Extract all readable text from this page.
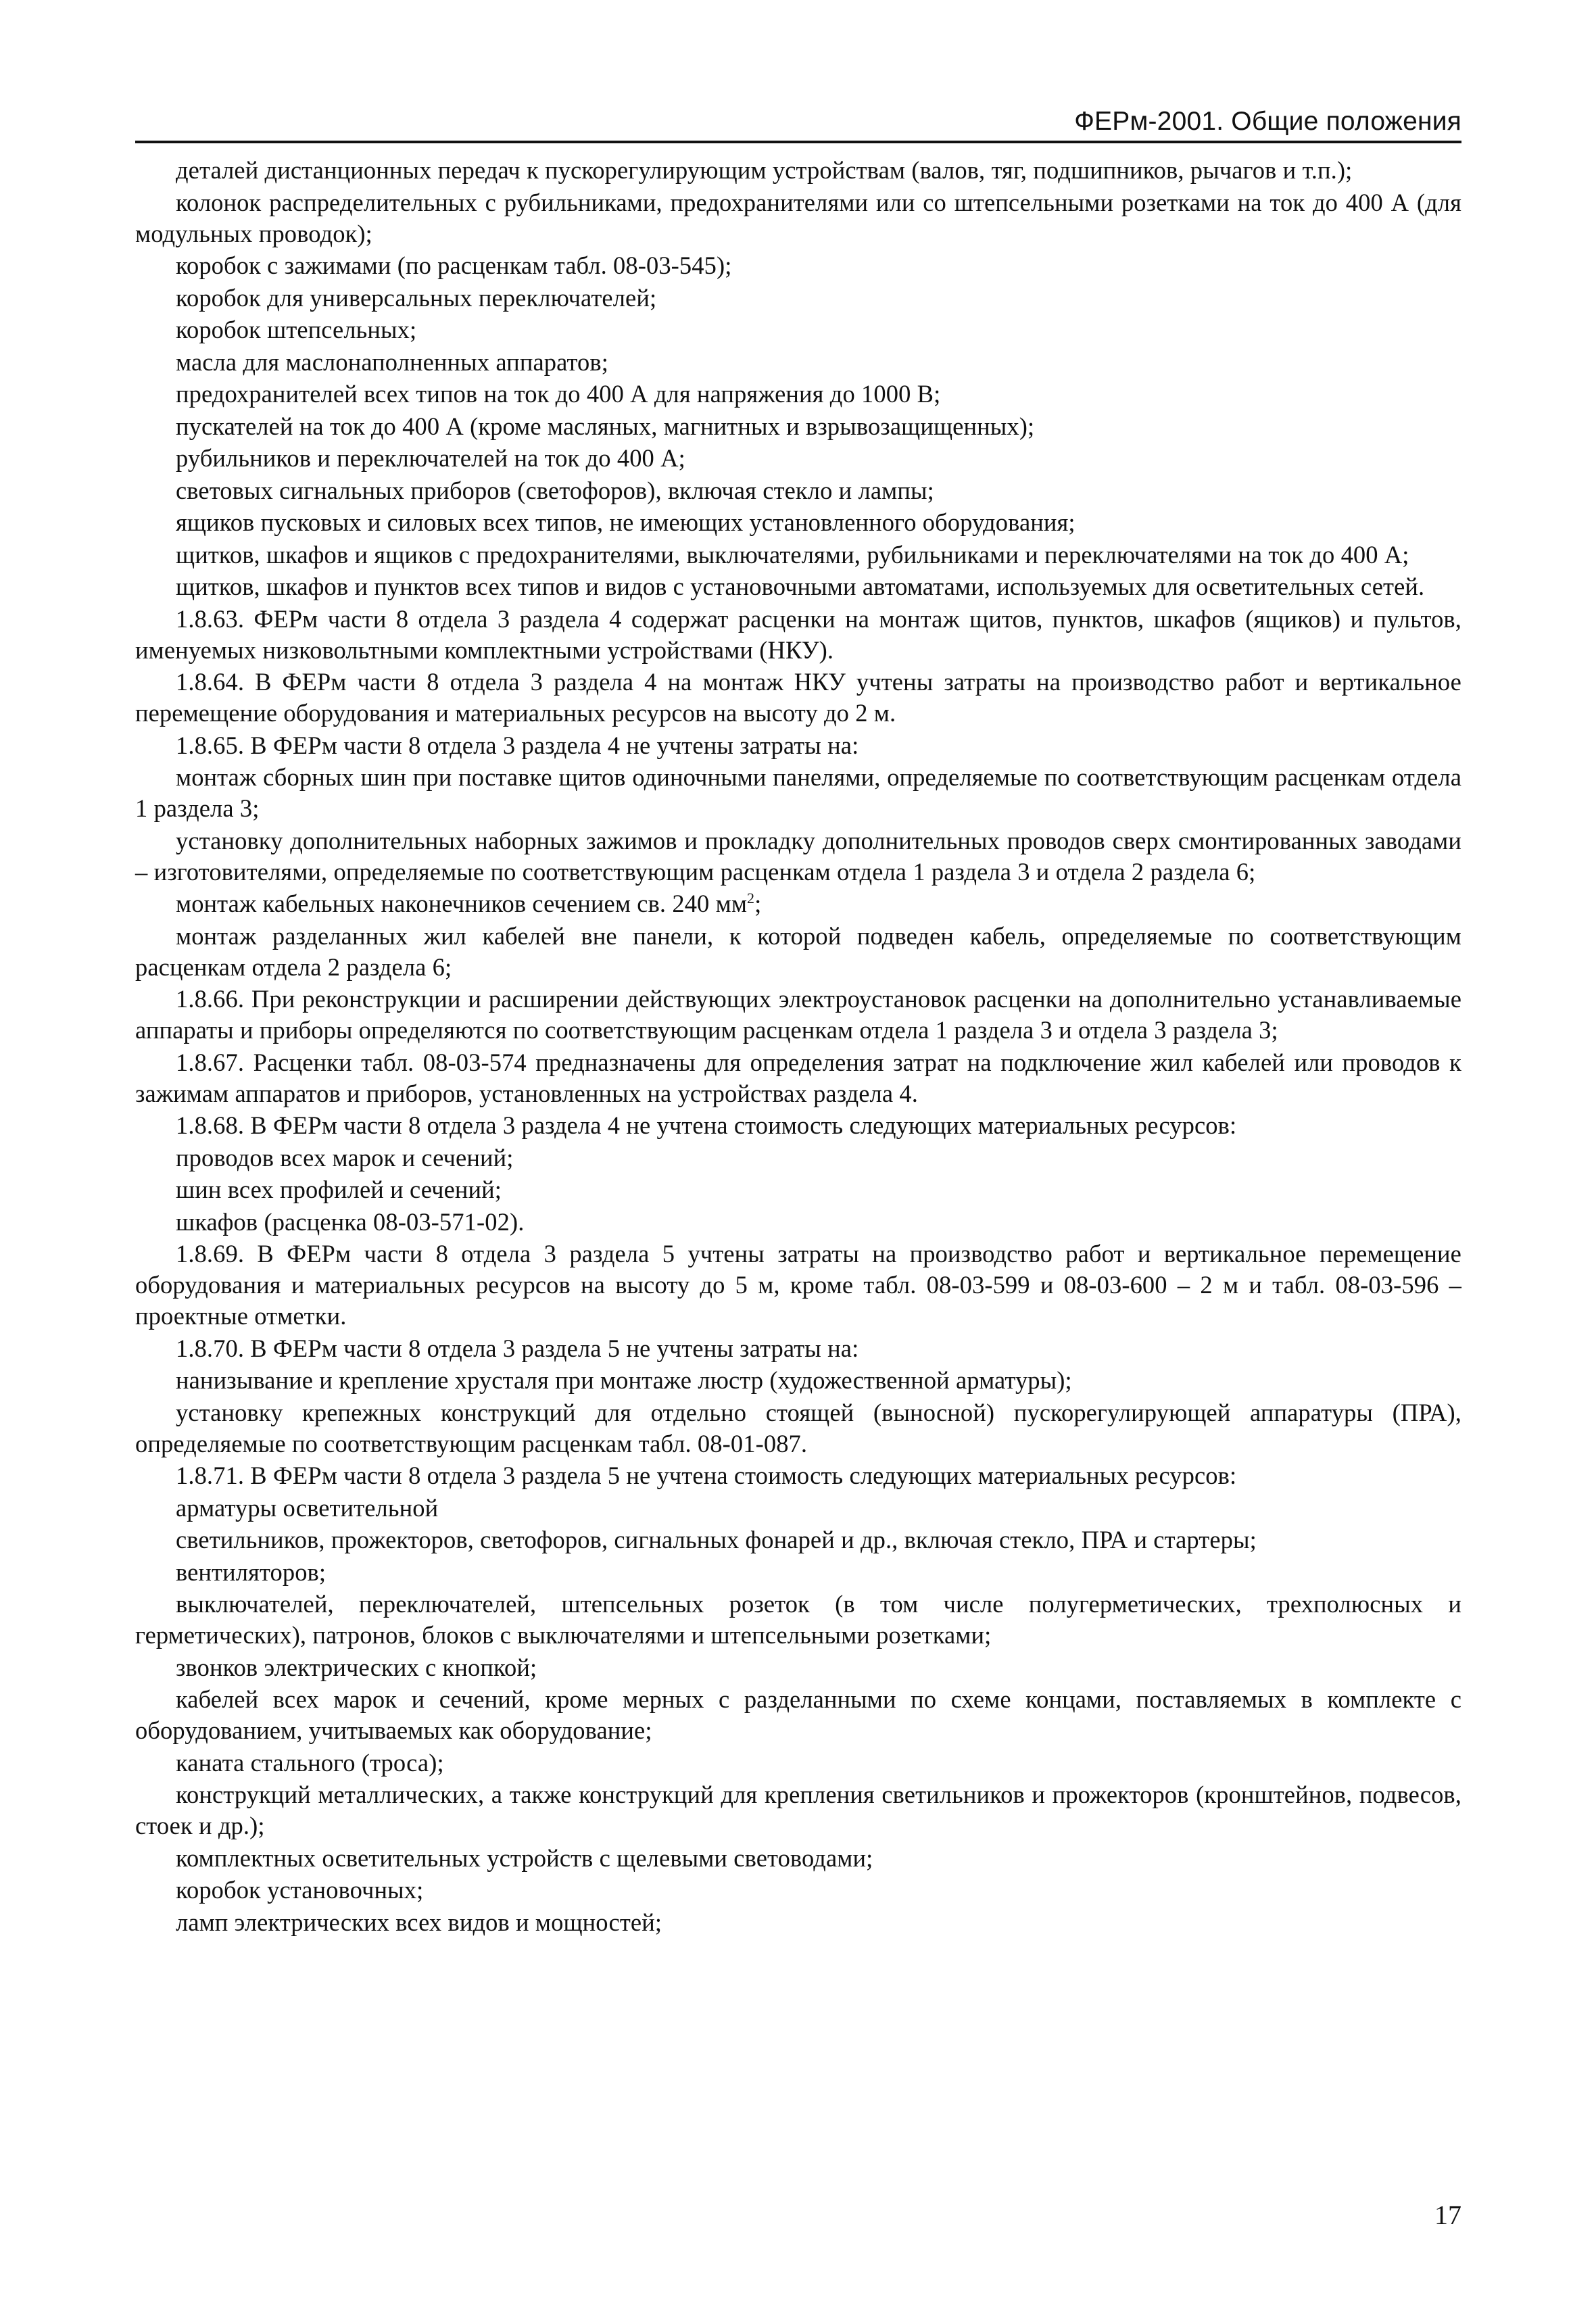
ФЕРм-2001. Общие положения

деталей дистанционных передач к пускорегулирующим устройствам (валов, тяг, подшипников, рычагов и т.п.);

колонок распределительных с рубильниками, предохранителями или со штепсельными розетками на ток до 400 А (для модульных проводок);

коробок с зажимами (по расценкам табл. 08-03-545);

коробок для универсальных переключателей;

коробок штепсельных;

масла для маслонаполненных аппаратов;

предохранителей всех типов на ток до 400 А для напряжения до 1000 В;

пускателей на ток до 400 А (кроме масляных, магнитных и взрывозащищенных);

рубильников и переключателей на ток до 400 А;

световых сигнальных приборов (светофоров), включая стекло и лампы;

ящиков пусковых и силовых всех типов, не имеющих установленного оборудования;

щитков, шкафов и ящиков с предохранителями, выключателями, рубильниками и переключателями на ток до 400 А;

щитков, шкафов и пунктов всех типов и видов с установочными автоматами, используемых для осветительных сетей.

1.8.63. ФЕРм части 8 отдела 3 раздела 4 содержат расценки на монтаж щитов, пунктов, шкафов (ящиков) и пультов, именуемых низковольтными комплектными устройствами (НКУ).

1.8.64. В ФЕРм части 8 отдела 3 раздела 4 на монтаж НКУ учтены затраты на производство работ и вертикальное перемещение оборудования и материальных ресурсов на высоту до 2 м.

1.8.65. В ФЕРм части 8 отдела 3 раздела 4 не учтены затраты на:

монтаж сборных шин при поставке щитов одиночными панелями, определяемые по соответствующим расценкам отдела 1 раздела 3;

установку дополнительных наборных зажимов и прокладку дополнительных проводов сверх смонтированных заводами – изготовителями, определяемые по соответствующим расценкам отдела 1 раздела 3 и отдела 2 раздела 6;

монтаж кабельных наконечников сечением св. 240 $мм^2$;

монтаж разделанных жил кабелей вне панели, к которой подведен кабель, определяемые по соответствующим расценкам отдела 2 раздела 6;

1.8.66. При реконструкции и расширении действующих электроустановок расценки на дополнительно устанавливаемые аппараты и приборы определяются по соответствующим расценкам отдела 1 раздела 3 и отдела 3 раздела 3;

1.8.67. Расценки табл. 08-03-574 предназначены для определения затрат на подключение жил кабелей или проводов к зажимам аппаратов и приборов, установленных на устройствах раздела 4.

1.8.68. В ФЕРм части 8 отдела 3 раздела 4 не учтена стоимость следующих материальных ресурсов:

проводов всех марок и сечений;

шин всех профилей и сечений;

шкафов (расценка 08-03-571-02).

1.8.69. В ФЕРм части 8 отдела 3 раздела 5 учтены затраты на производство работ и вертикальное перемещение оборудования и материальных ресурсов на высоту до 5 м, кроме табл. 08-03-599 и 08-03-600 – 2 м и табл. 08-03-596 – проектные отметки.

1.8.70. В ФЕРм части 8 отдела 3 раздела 5 не учтены затраты на:

нанизывание и крепление хрусталя при монтаже люстр (художественной арматуры);

установку крепежных конструкций для отдельно стоящей (выносной) пускорегулирующей аппаратуры (ПРА), определяемые по соответствующим расценкам табл. 08-01-087.

1.8.71. В ФЕРм части 8 отдела 3 раздела 5 не учтена стоимость следующих материальных ресурсов:

арматуры осветительной

светильников, прожекторов, светофоров, сигнальных фонарей и др., включая стекло, ПРА и стартеры;

вентиляторов;

выключателей, переключателей, штепсельных розеток (в том числе полугерметических, трехполюсных и герметических), патронов, блоков с выключателями и штепсельными розетками;

звонков электрических с кнопкой;

кабелей всех марок и сечений, кроме мерных с разделанными по схеме концами, поставляемых в комплекте с оборудованием, учитываемых как оборудование;

каната стального (троса);

конструкций металлических, а также конструкций для крепления светильников и прожекторов (кронштейнов, подвесов, стоек и др.);

комплектных осветительных устройств с щелевыми световодами;

коробок установочных;

ламп электрических всех видов и мощностей;

17
